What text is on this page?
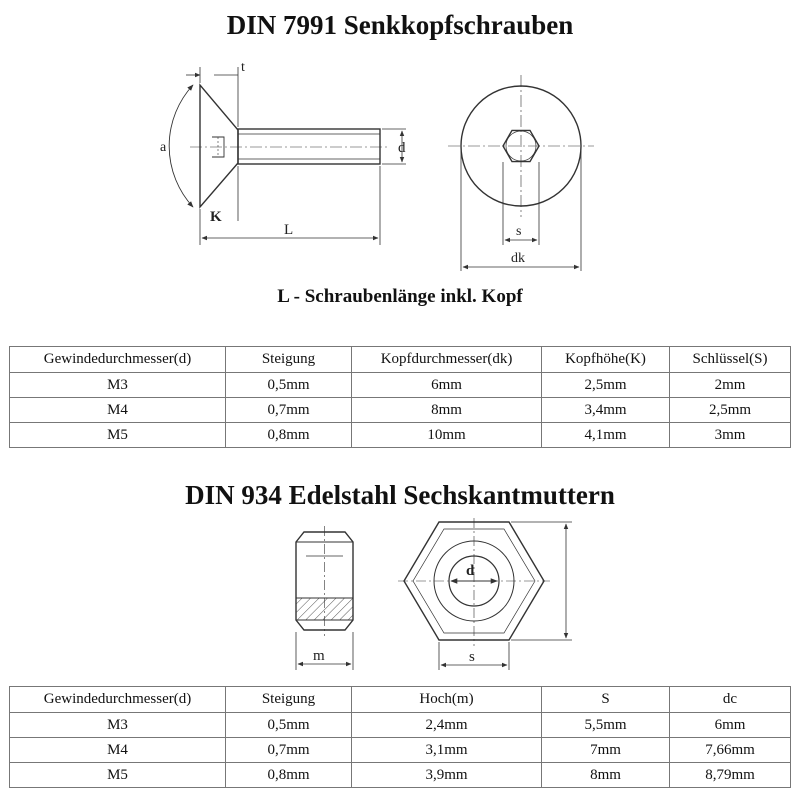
DIN 7991 Senkkopfschrauben
t
a	d
K
L	s
dk
L - Schraubenlänge inkl. Kopf
Gewindedurchmesser(d)	Steigung	Kopfdurchmesser(dk)	Kopfhöhe(K)	Schlüssel(S)
M3	0,5mm	6mm	2,5mm	2mm
M4	0,7mm	8mm	3,4mm	2,5mm
M5	0,8mm	10mm	4,1mm	3mm
DIN 934 Edelstahl Sechskantmuttern
m
d
s
Gewindedurchmesser(d)	Steigung	Hoch(m)	S	dc
M3	0,5mm	2,4mm	5,5mm	6mm
M4	0,7mm	3,1mm	7mm	7,66mm
M5	0,8mm	3,9mm	8mm	8,79mm
